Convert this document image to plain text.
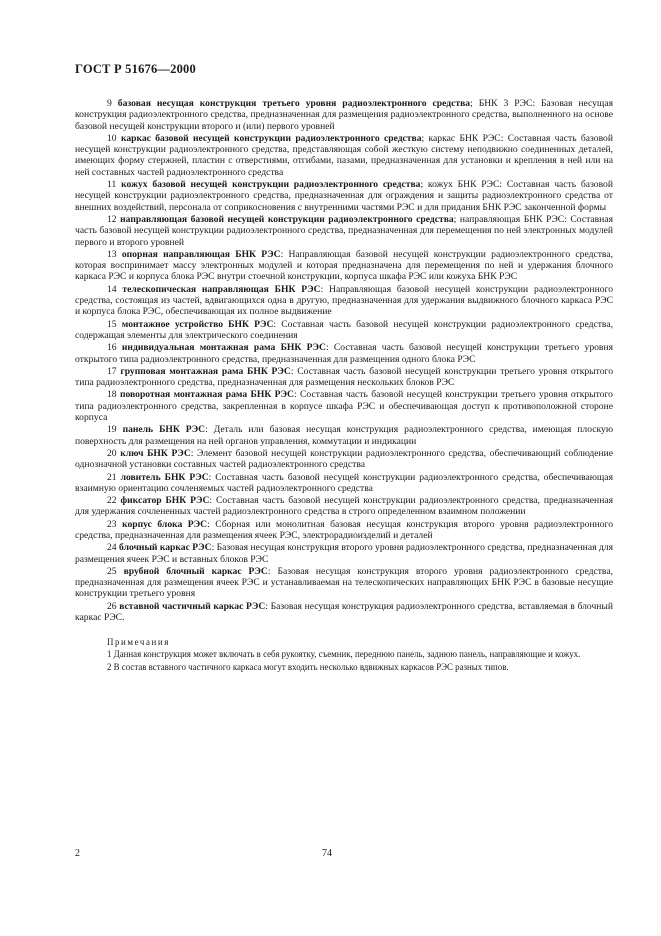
ГОСТ Р 51676—2000

9 базовая несущая конструкция третьего уровня радиоэлектронного средства; БНК 3 РЭС: Базовая несущая конструкция радиоэлектронного средства, предназначенная для размещения радиоэлектронного средства, выполненного на основе базовой несущей конструкции второго и (или) первого уровней

10 каркас базовой несущей конструкции радиоэлектронного средства; каркас БНК РЭС: Составная часть базовой несущей конструкции радиоэлектронного средства, представляющая собой жесткую систему неподвижно соединенных деталей, имеющих форму стержней, пластин с отверстиями, отгибами, пазами, предназначенная для установки и крепления в ней или на ней составных частей радиоэлектронного средства

11 кожух базовой несущей конструкции радиоэлектронного средства; кожух БНК РЭС: Составная часть базовой несущей конструкции радиоэлектронного средства, предназначенная для ограждения и защиты радиоэлектронного средства от внешних воздействий, персонала от соприкосновения с внутренними частями РЭС и для придания БНК РЭС законченной формы

12 направляющая базовой несущей конструкции радиоэлектронного средства; направляющая БНК РЭС: Составная часть базовой несущей конструкции радиоэлектронного средства, предназначенная для перемещения по ней электронных модулей первого и второго уровней

13 опорная направляющая БНК РЭС: Направляющая базовой несущей конструкции радиоэлектронного средства, которая воспринимает массу электронных модулей и которая предназначена для перемещения по ней и удержания блочного каркаса РЭС и корпуса блока РЭС внутри стоечной конструкции, корпуса шкафа РЭС или кожуха БНК РЭС

14 телескопическая направляющая БНК РЭС: Направляющая базовой несущей конструкции радиоэлектронного средства, состоящая из частей, вдвигающихся одна в другую, предназначенная для удержания выдвижного блочного каркаса РЭС и корпуса блока РЭС, обеспечивающая их полное выдвижение

15 монтажное устройство БНК РЭС: Составная часть базовой несущей конструкции радиоэлектронного средства, содержащая элементы для электрического соединения

16 индивидуальная монтажная рама БНК РЭС: Составная часть базовой несущей конструкции третьего уровня открытого типа радиоэлектронного средства, предназначенная для размещения одного блока РЭС

17 групповая монтажная рама БНК РЭС: Составная часть базовой несущей конструкции третьего уровня открытого типа радиоэлектронного средства, предназначенная для размещения нескольких блоков РЭС

18 поворотная монтажная рама БНК РЭС: Составная часть базовой несущей конструкции третьего уровня открытого типа радиоэлектронного средства, закрепленная в корпусе шкафа РЭС и обеспечивающая доступ к противоположной стороне корпуса

19 панель БНК РЭС: Деталь или базовая несущая конструкция радиоэлектронного средства, имеющая плоскую поверхность для размещения на ней органов управления, коммутации и индикации

20 ключ БНК РЭС: Элемент базовой несущей конструкции радиоэлектронного средства, обеспечивающий соблюдение однозначной установки составных частей радиоэлектронного средства

21 ловитель БНК РЭС: Составная часть базовой несущей конструкции радиоэлектронного средства, обеспечивающая взаимную ориентацию сочленяемых частей радиоэлектронного средства

22 фиксатор БНК РЭС: Составная часть базовой несущей конструкции радиоэлектронного средства, предназначенная для удержания сочлененных частей радиоэлектронного средства в строго определенном взаимном положении

23 корпус блока РЭС: Сборная или монолитная базовая несущая конструкция второго уровня радиоэлектронного средства, предназначенная для размещения ячеек РЭС, электрорадиоизделий и деталей

24 блочный каркас РЭС: Базовая несущая конструкция второго уровня радиоэлектронного средства, предназначенная для размещения ячеек РЭС и вставных блоков РЭС

25 врубной блочный каркас РЭС: Базовая несущая конструкция второго уровня радиоэлектронного средства, предназначенная для размещения ячеек РЭС и устанавливаемая на телескопических направляющих БНК РЭС в базовые несущие конструкции третьего уровня

26 вставной частичный каркас РЭС: Базовая несущая конструкция радиоэлектронного средства, вставляемая в блочный каркас РЭС.

Примечания

1 Данная конструкция может включать в себя рукоятку, съемник, переднюю панель, заднюю панель, направляющие и кожух.

2 В состав вставного частичного каркаса могут входить несколько вдвижных каркасов РЭС разных типов.

2	74
